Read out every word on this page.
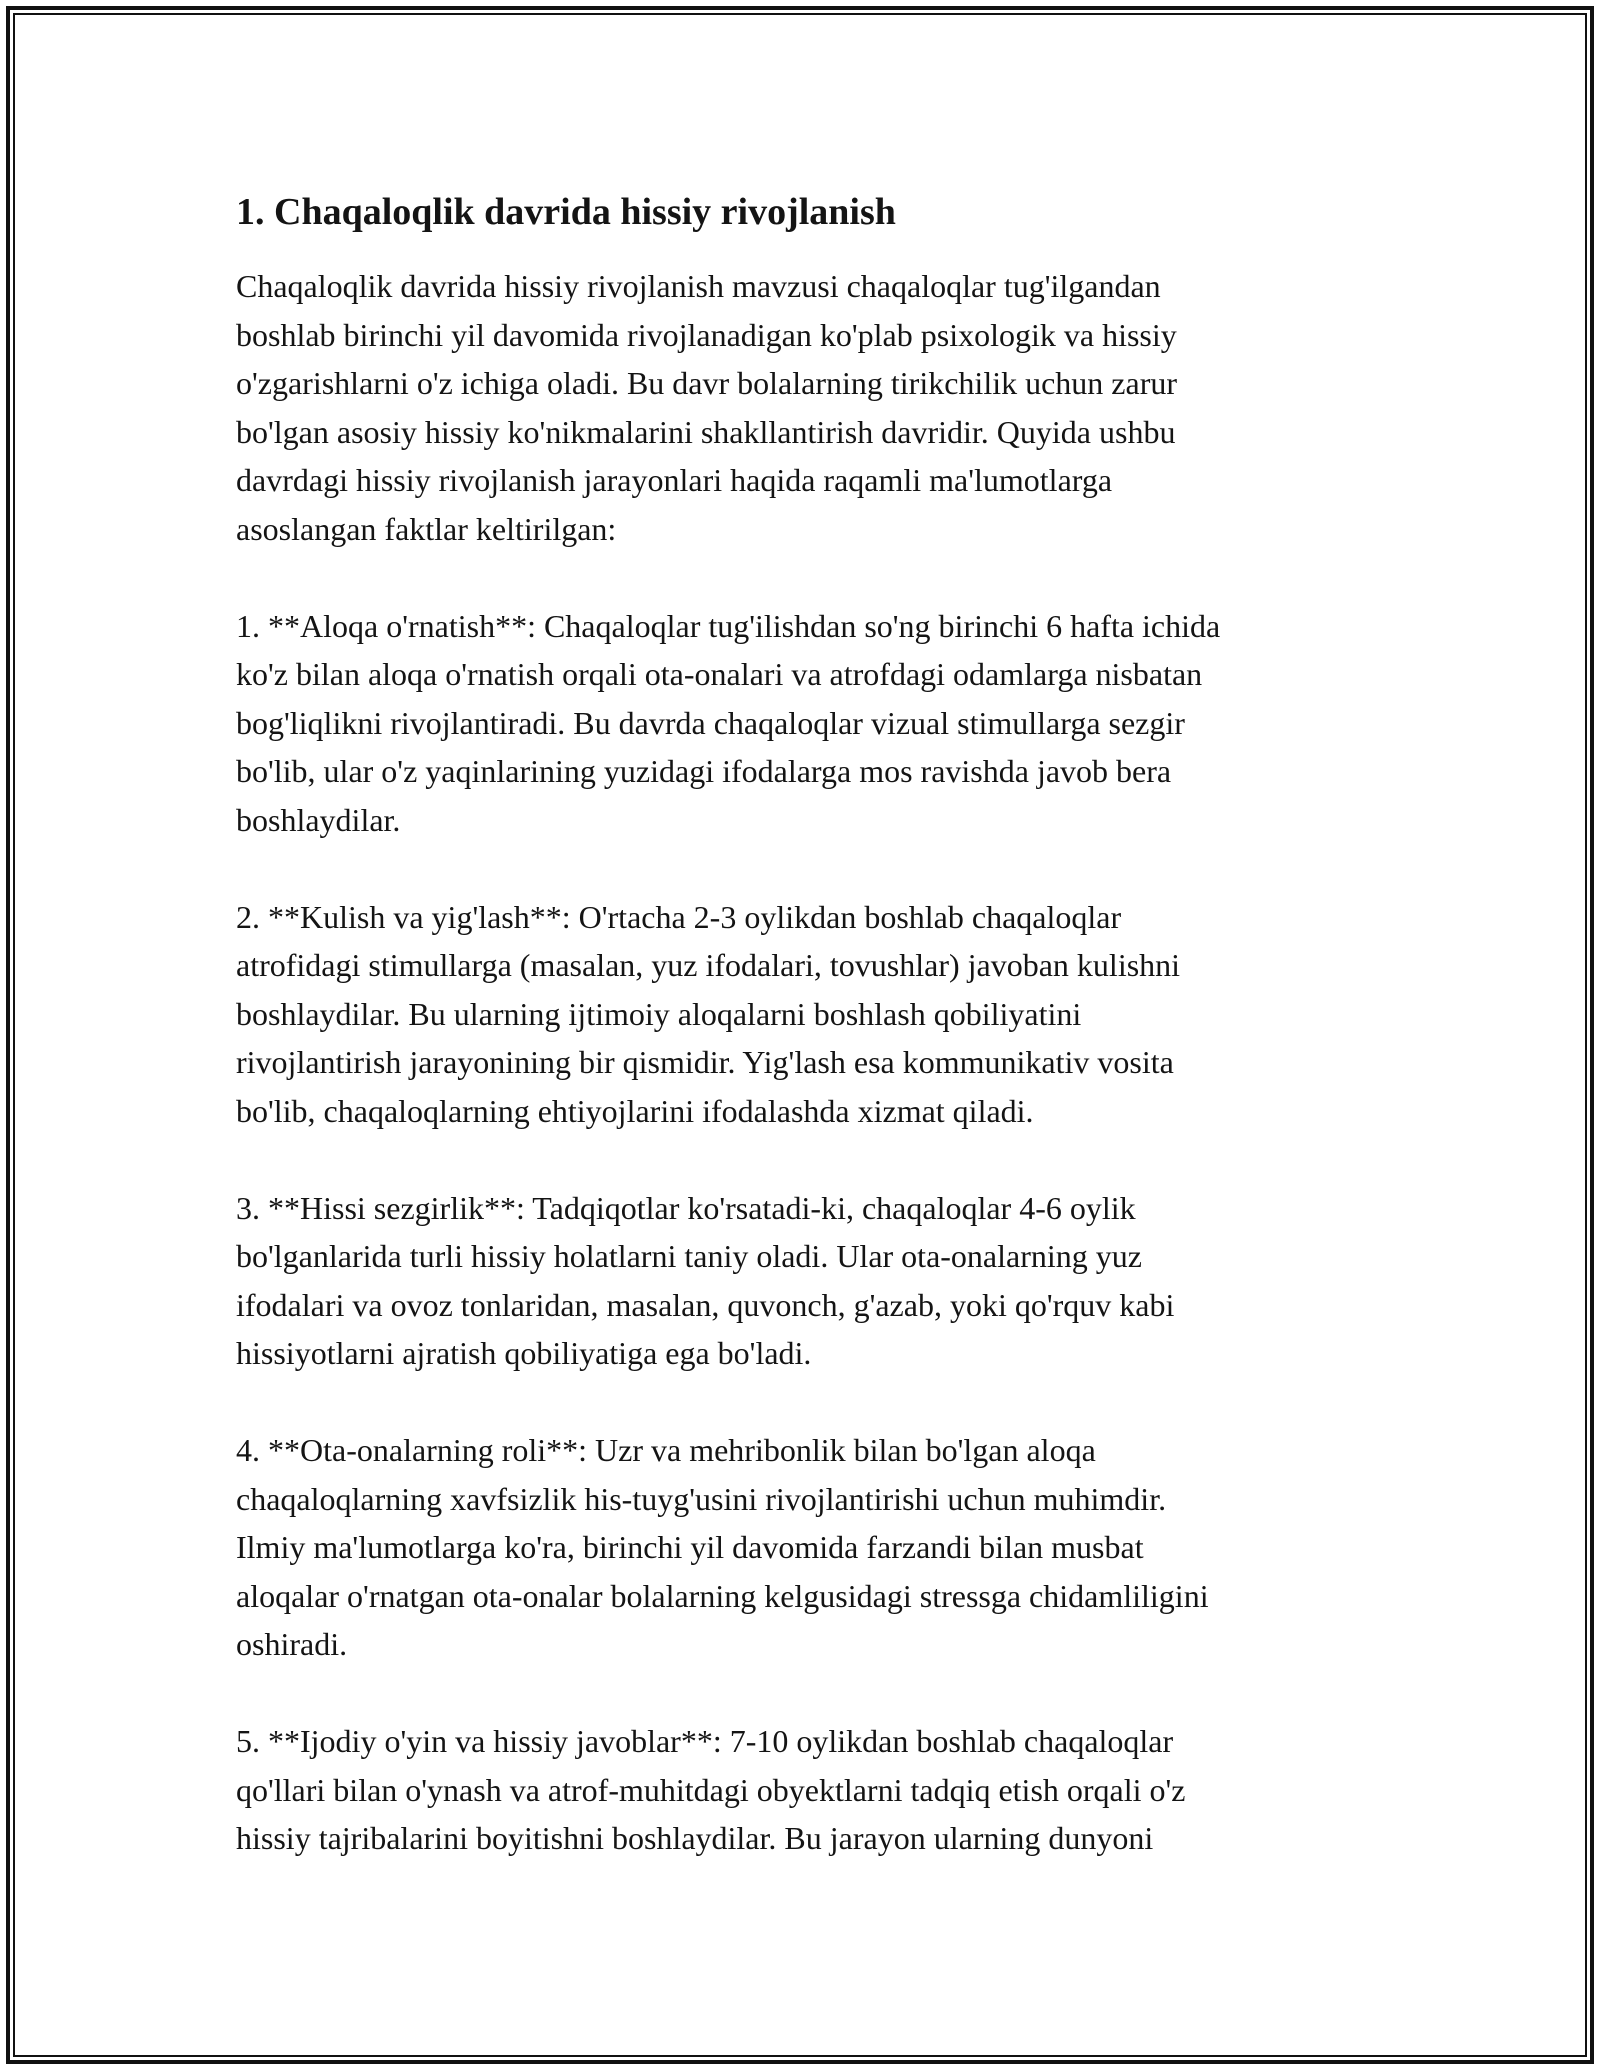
1. Chaqaloqlik davrida hissiy rivojlanish

Chaqaloqlik davrida hissiy rivojlanish mavzusi chaqaloqlar tug'ilgandan
boshlab birinchi yil davomida rivojlanadigan ko'plab psixologik va hissiy
o'zgarishlarni o'z ichiga oladi. Bu davr bolalarning tirikchilik uchun zarur
bo'lgan asosiy hissiy ko'nikmalarini shakllantirish davridir. Quyida ushbu
davrdagi hissiy rivojlanish jarayonlari haqida raqamli ma'lumotlarga
asoslangan faktlar keltirilgan:

1. **Aloqa o'rnatish**: Chaqaloqlar tug'ilishdan so'ng birinchi 6 hafta ichida
ko'z bilan aloqa o'rnatish orqali ota-onalari va atrofdagi odamlarga nisbatan
bog'liqlikni rivojlantiradi. Bu davrda chaqaloqlar vizual stimullarga sezgir
bo'lib, ular o'z yaqinlarining yuzidagi ifodalarga mos ravishda javob bera
boshlaydilar.

2. **Kulish va yig'lash**: O'rtacha 2-3 oylikdan boshlab chaqaloqlar
atrofidagi stimullarga (masalan, yuz ifodalari, tovushlar) javoban kulishni
boshlaydilar. Bu ularning ijtimoiy aloqalarni boshlash qobiliyatini
rivojlantirish jarayonining bir qismidir. Yig'lash esa kommunikativ vosita
bo'lib, chaqaloqlarning ehtiyojlarini ifodalashda xizmat qiladi.

3. **Hissi sezgirlik**: Tadqiqotlar ko'rsatadi-ki, chaqaloqlar 4-6 oylik
bo'lganlarida turli hissiy holatlarni taniy oladi. Ular ota-onalarning yuz
ifodalari va ovoz tonlaridan, masalan, quvonch, g'azab, yoki qo'rquv kabi
hissiyotlarni ajratish qobiliyatiga ega bo'ladi.

4. **Ota-onalarning roli**: Uzr va mehribonlik bilan bo'lgan aloqa
chaqaloqlarning xavfsizlik his-tuyg'usini rivojlantirishi uchun muhimdir.
Ilmiy ma'lumotlarga ko'ra, birinchi yil davomida farzandi bilan musbat
aloqalar o'rnatgan ota-onalar bolalarning kelgusidagi stressga chidamliligini
oshiradi.

5. **Ijodiy o'yin va hissiy javoblar**: 7-10 oylikdan boshlab chaqaloqlar
qo'llari bilan o'ynash va atrof-muhitdagi obyektlarni tadqiq etish orqali o'z
hissiy tajribalarini boyitishni boshlaydilar. Bu jarayon ularning dunyoni
